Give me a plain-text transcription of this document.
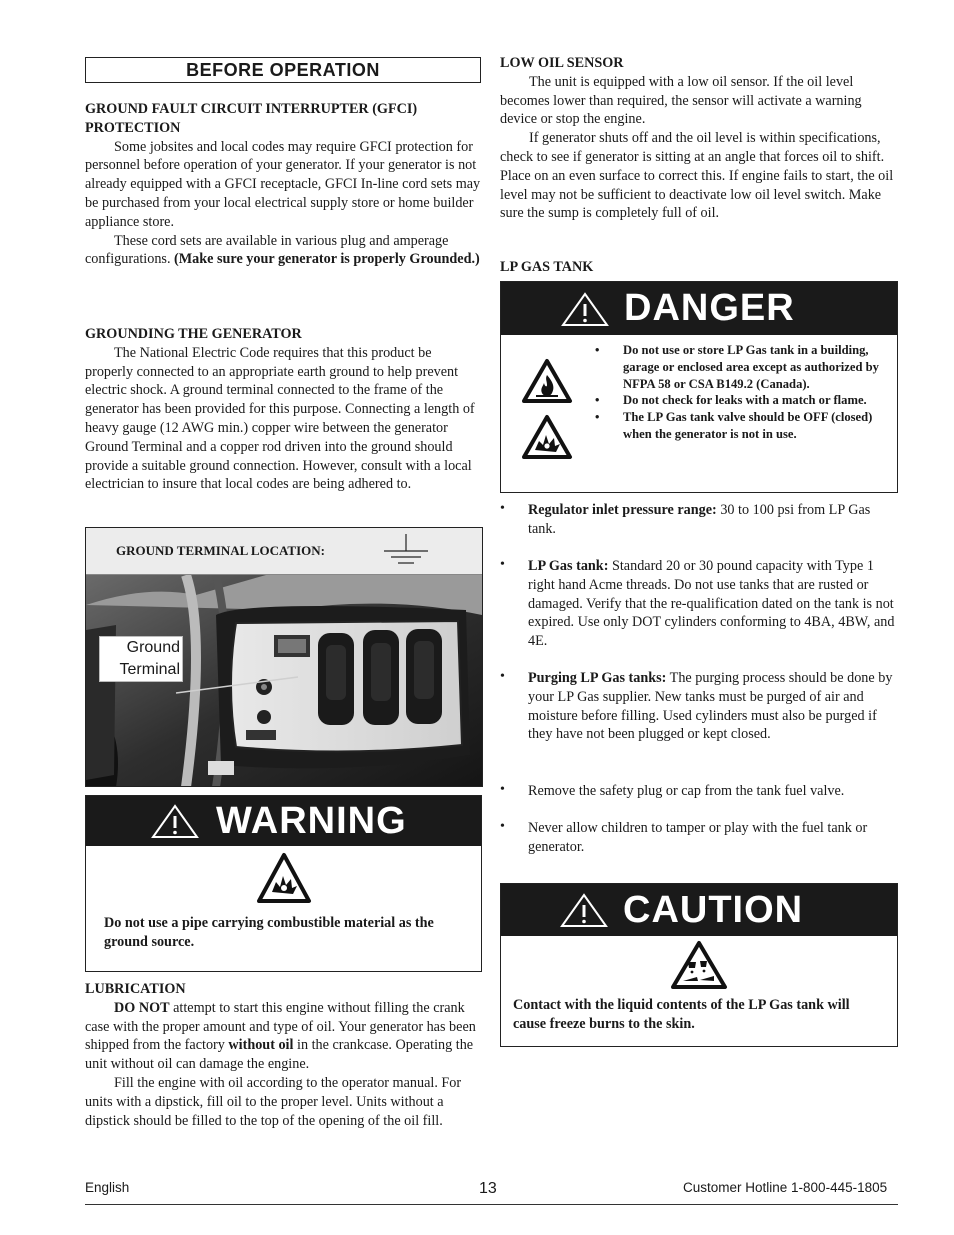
BEFORE OPERATION

GROUND FAULT CIRCUIT INTERRUPTER (GFCI) PROTECTION

Some jobsites and local codes may require GFCI protection for personnel before operation of your generator. If your generator is not already equipped with a GFCI receptacle, GFCI In-line cord sets may be purchased from your local electrical supply store or home builder appliance store.

These cord sets are available in various plug and amperage configurations. (Make sure your generator is properly Grounded.)

GROUNDING THE GENERATOR

The National Electric Code requires that this product be properly connected to an appropriate earth ground to help prevent electric shock. A ground terminal connected to the frame of the generator has been provided for this purpose. Connecting a length of heavy gauge (12 AWG min.) copper wire between the generator Ground Terminal and a copper rod driven into the ground should provide a suitable ground connection. However, consult with a local electrician to insure that local codes are being adhered to.

GROUND TERMINAL LOCATION:
Ground
Terminal
WARNING

Do not use a pipe carrying combustible material as the ground source.

LUBRICATION

DO NOT attempt to start this engine without filling the crank case with the proper amount and type of oil. Your generator has been shipped from the factory without oil in the crankcase. Operating the unit without oil can damage the engine.

Fill the engine with oil according to the operator manual. For units with a dipstick, fill oil to the proper level. Units without a dipstick should be filled to the top of the opening of the oil fill.

LOW OIL SENSOR

The unit is equipped with a low oil sensor. If the oil level becomes lower than required, the sensor will activate a warning device or stop the engine.

If generator shuts off and the oil level is within specifications, check to see if generator is sitting at an angle that forces oil to shift. Place on an even surface to correct this. If engine fails to start, the oil level may not be sufficient to deactivate low oil level switch. Make sure the sump is completely full of oil.

LP GAS TANK

DANGER
• Do not use or store LP Gas tank in a building, garage or enclosed area except as authorized by NFPA 58 or CSA B149.2 (Canada).
• Do not check for leaks with a match or flame.
• The LP Gas tank valve should be OFF (closed) when the generator is not in use.
•	Regulator inlet pressure range: 30 to 100 psi from LP Gas tank.

•	LP Gas tank: Standard 20 or 30 pound capacity with Type 1 right hand Acme threads. Do not use tanks that are rusted or damaged. Verify that the re-qualification dated on the tank is not expired. Use only DOT cylinders conforming to 4BA, 4BW, and 4E.

•	Purging LP Gas tanks: The purging process should be done by your LP Gas supplier. New tanks must be purged of air and moisture before filling. Used cylinders must also be purged if they have not been plugged or kept closed.

•	Remove the safety plug or cap from the tank fuel valve.

•	Never allow children to tamper or play with the fuel tank or generator.

CAUTION

Contact with the liquid contents of the LP Gas tank will cause freeze burns to the skin.

English	13	Customer Hotline 1-800-445-1805
